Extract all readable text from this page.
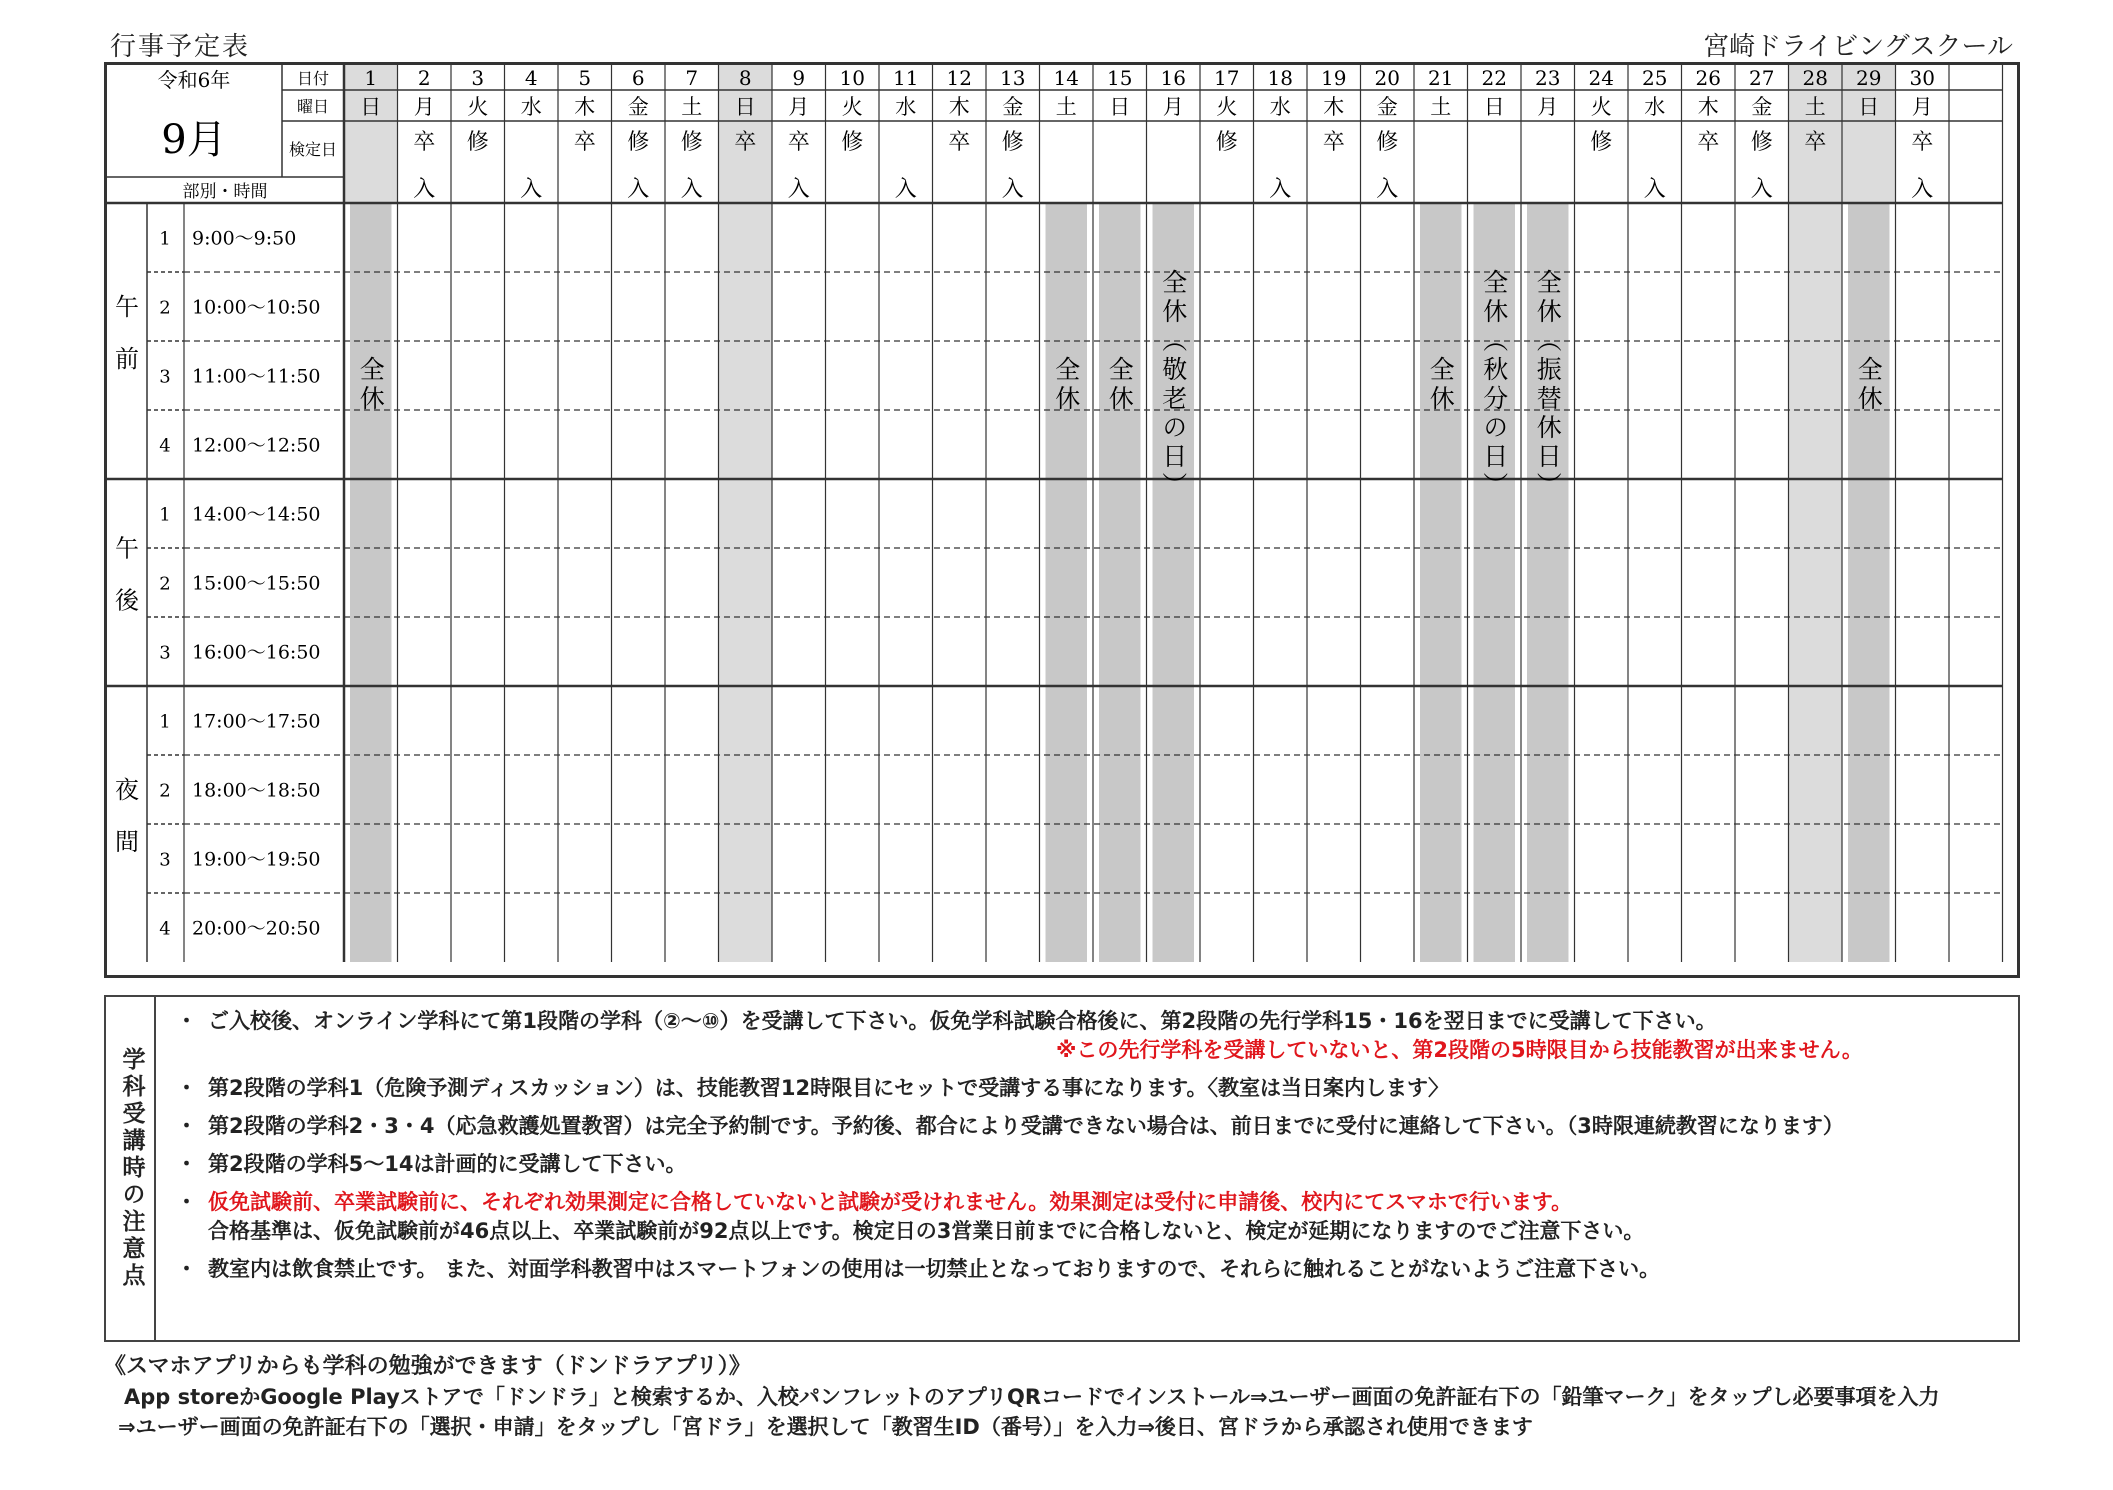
行事予定表	宮崎ドライビングスクール
1 9:00〜9:50
2 10:00〜10:50
3 11:00〜11:50
4 12:00〜12:50
午
前
1 14:00〜14:50
2 15:00〜15:50
3 16:00〜16:50
午
後
1 17:00〜17:50
2 18:00〜18:50
3 19:00〜19:50
4 20:00〜20:50
夜
間
令和6年
9月
日付
曜日
検定日
部別・時間
1
日
全休
2
月
卒
入
3
火
修
4
水
入
5
木
卒
6
金
修
入
7
土
修
入
8
日
卒
9
月
卒
入
10
火
修
11
水
入
12
木
卒
13
金
修
入
14
土
全休
15
日
全休
16
月
全休（敬老の日）
17
火
修
18
水
入
19
木
卒
20
金
修
入
21
土
全休
22
日
全休（秋分の日）
23
月
全休（振替休日）
24
火
修
25
水
入
26
木
卒
27
金
修
入
28
土
卒
29
日
全休
30
月
卒
入
学科受講時の注意点
・ ご入校後、オンライン学科にて第1段階の学科（②〜⑩）を受講して下さい。仮免学科試験合格後に、第2段階の先行学科15・16を翌日までに受講して下さい。
※この先行学科を受講していないと、第2段階の5時限目から技能教習が出来ません。
・ 第2段階の学科1（危険予測ディスカッション）は、技能教習12時限目にセットで受講する事になります。〈教室は当日案内します〉
・ 第2段階の学科2・3・4（応急救護処置教習）は完全予約制です。予約後、都合により受講できない場合は、前日までに受付に連絡して下さい。（3時限連続教習になります）
・ 第2段階の学科5〜14は計画的に受講して下さい。
・ 仮免試験前、卒業試験前に、それぞれ効果測定に合格していないと試験が受けれません。効果測定は受付に申請後、校内にてスマホで行います。
合格基準は、仮免試験前が46点以上、卒業試験前が92点以上です。検定日の3営業日前までに合格しないと、検定が延期になりますのでご注意下さい。
・ 教室内は飲食禁止です。 また、対面学科教習中はスマートフォンの使用は一切禁止となっておりますので、それらに触れることがないようご注意下さい。
《スマホアプリからも学科の勉強ができます（ドンドラアプリ）》
App storeかGoogle Playストアで「ドンドラ」と検索するか、入校パンフレットのアプリQRコードでインストール⇒ユーザー画面の免許証右下の「鉛筆マーク」をタップし必要事項を入力
⇒ユーザー画面の免許証右下の「選択・申請」をタップし「宮ドラ」を選択して「教習生ID（番号）」を入力⇒後日、宮ドラから承認され使用できます
